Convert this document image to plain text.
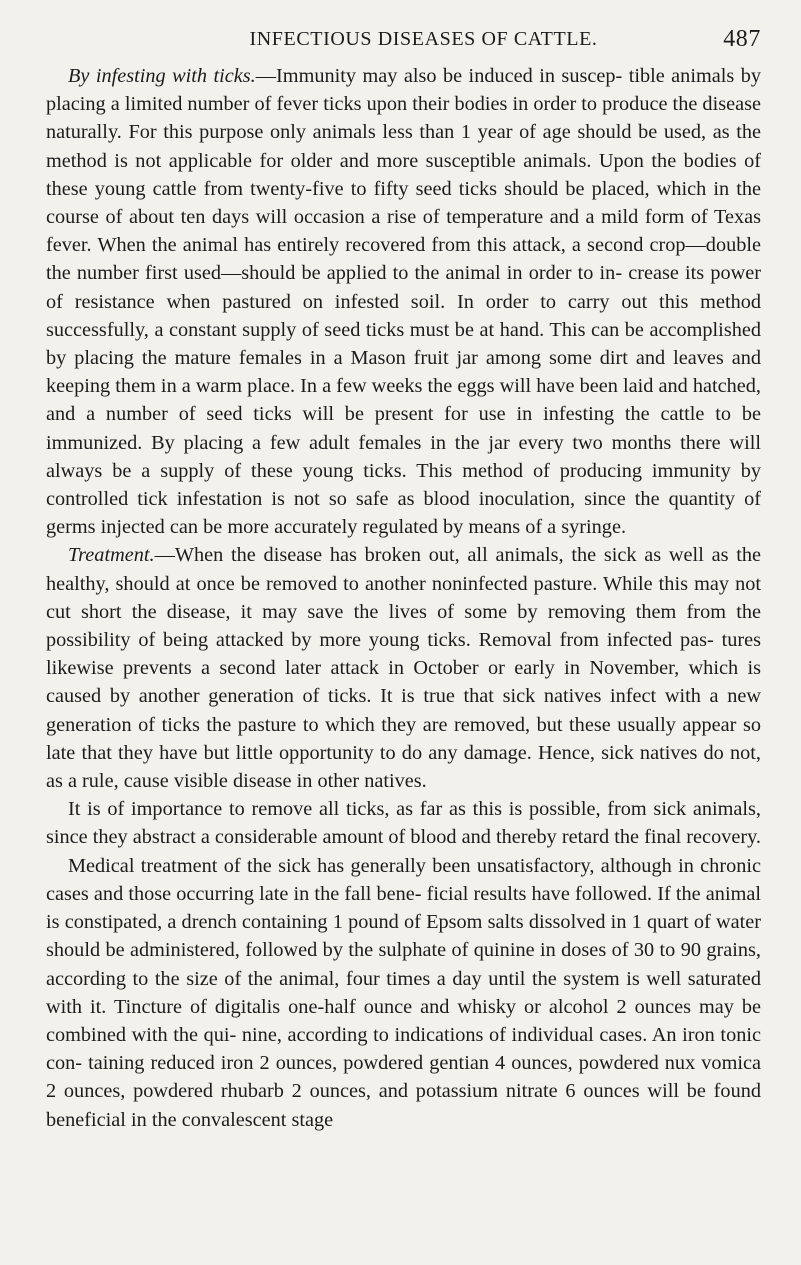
INFECTIOUS DISEASES OF CATTLE.	487

By infesting with ticks.—Immunity may also be induced in suscep- tible animals by placing a limited number of fever ticks upon their bodies in order to produce the disease naturally. For this purpose only animals less than 1 year of age should be used, as the method is not applicable for older and more susceptible animals. Upon the bodies of these young cattle from twenty-five to fifty seed ticks should be placed, which in the course of about ten days will occasion a rise of temperature and a mild form of Texas fever. When the animal has entirely recovered from this attack, a second crop—double the number first used—should be applied to the animal in order to in- crease its power of resistance when pastured on infested soil. In order to carry out this method successfully, a constant supply of seed ticks must be at hand. This can be accomplished by placing the mature females in a Mason fruit jar among some dirt and leaves and keeping them in a warm place. In a few weeks the eggs will have been laid and hatched, and a number of seed ticks will be present for use in infesting the cattle to be immunized. By placing a few adult females in the jar every two months there will always be a supply of these young ticks. This method of producing immunity by controlled tick infestation is not so safe as blood inoculation, since the quantity of germs injected can be more accurately regulated by means of a syringe.

Treatment.—When the disease has broken out, all animals, the sick as well as the healthy, should at once be removed to another noninfected pasture. While this may not cut short the disease, it may save the lives of some by removing them from the possibility of being attacked by more young ticks. Removal from infected pas- tures likewise prevents a second later attack in October or early in November, which is caused by another generation of ticks. It is true that sick natives infect with a new generation of ticks the pasture to which they are removed, but these usually appear so late that they have but little opportunity to do any damage. Hence, sick natives do not, as a rule, cause visible disease in other natives.

It is of importance to remove all ticks, as far as this is possible, from sick animals, since they abstract a considerable amount of blood and thereby retard the final recovery.

Medical treatment of the sick has generally been unsatisfactory, although in chronic cases and those occurring late in the fall bene- ficial results have followed. If the animal is constipated, a drench containing 1 pound of Epsom salts dissolved in 1 quart of water should be administered, followed by the sulphate of quinine in doses of 30 to 90 grains, according to the size of the animal, four times a day until the system is well saturated with it. Tincture of digitalis one-half ounce and whisky or alcohol 2 ounces may be combined with the qui- nine, according to indications of individual cases. An iron tonic con- taining reduced iron 2 ounces, powdered gentian 4 ounces, powdered nux vomica 2 ounces, powdered rhubarb 2 ounces, and potassium nitrate 6 ounces will be found beneficial in the convalescent stage
